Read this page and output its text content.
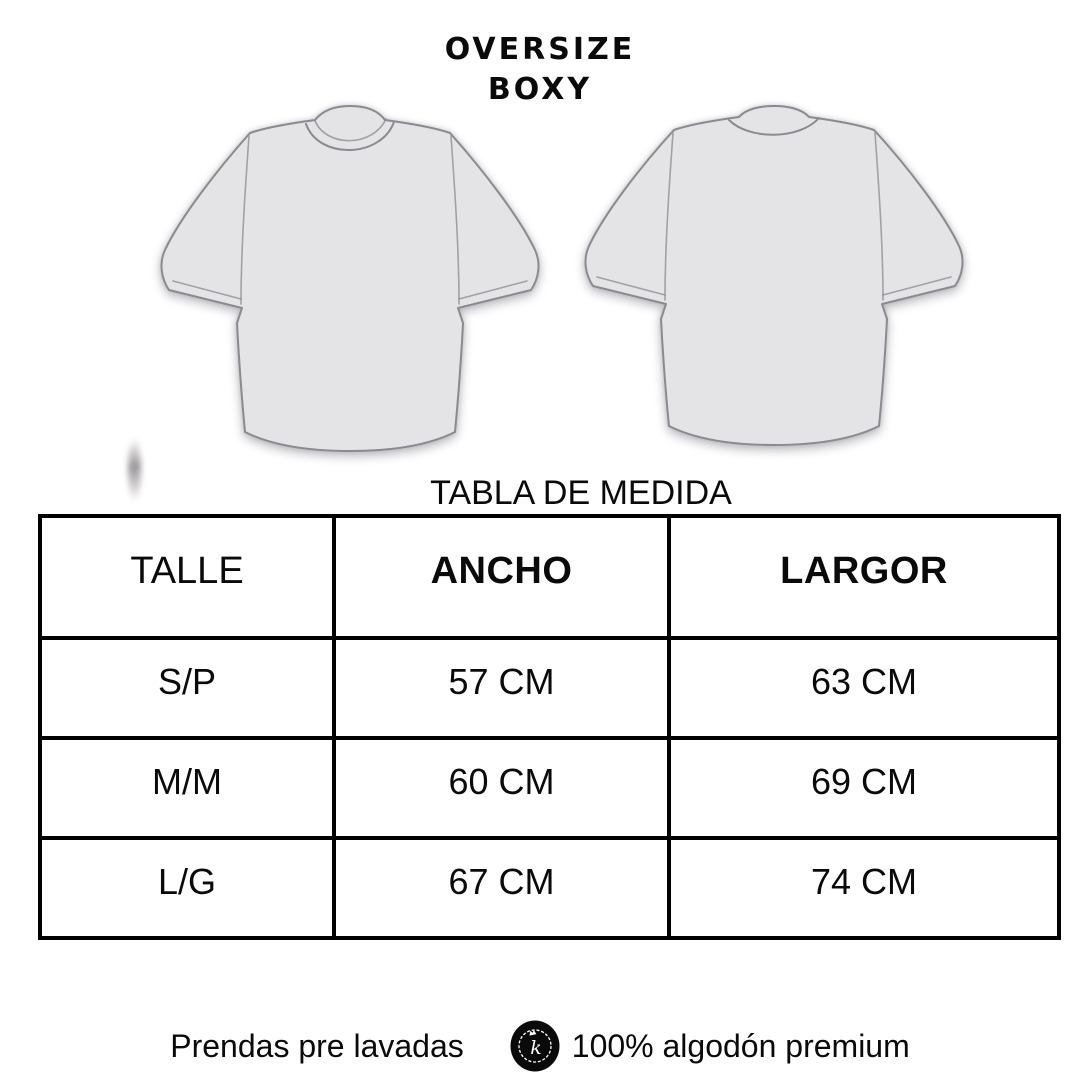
OVERSIZE
BOXY
TABLA DE MEDIDA
TALLE	ANCHO	LARGOR
S/P	57 CM	63 CM
M/M	60 CM	69 CM
L/G	67 CM	74 CM
Prendas pre lavadas	k 100% algodón premium
